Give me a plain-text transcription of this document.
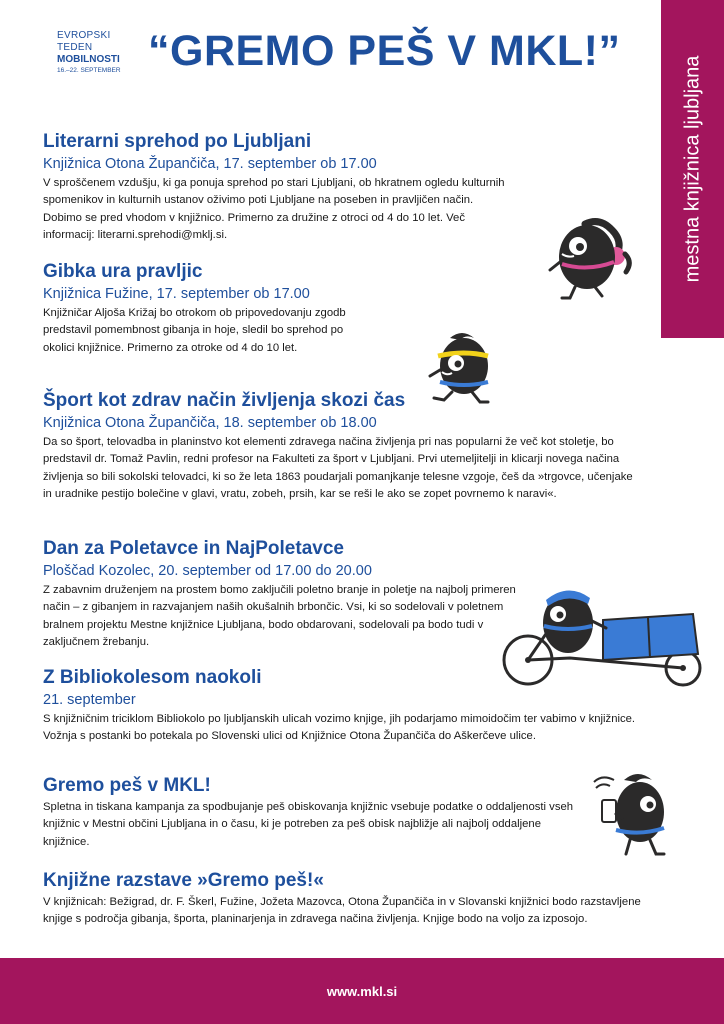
EVROPSKI
TEDEN
MOBILNOSTI
16.–22. SEPTEMBER “GREMO PEŠ V MKL!”
mestna knjižnica ljubljana
Literarni sprehod po Ljubljani
Knjižnica Otona Župančiča, 17. september ob 17.00

V sproščenem vzdušju, ki ga ponuja sprehod po stari Ljubljani, ob hkratnem ogledu kulturnih spomenikov in kulturnih ustanov oživimo poti Ljubljane na poseben in pravljičen način. Dobimo se pred vhodom v knjižnico. Primerno za družine z otroci od 4 do 10 let. Več informacij: literarni.sprehodi@mklj.si.

Gibka ura pravljic
Knjižnica Fužine, 17. september ob 17.00

Knjižničar Aljoša Križaj bo otrokom ob pripovedovanju zgodb predstavil pomembnost gibanja in hoje, sledil bo sprehod po okolici knjižnice. Primerno za otroke od 4 do 10 let.

Šport kot zdrav način življenja skozi čas
Knjižnica Otona Župančiča, 18. september ob 18.00

Da so šport, telovadba in planinstvo kot elementi zdravega načina življenja pri nas popularni že več kot stoletje, bo predstavil dr. Tomaž Pavlin, redni profesor na Fakulteti za šport v Ljubljani. Prvi utemeljitelji in klicarji novega načina življenja so bili sokolski telovadci, ki so že leta 1863 poudarjali pomanjkanje telesne vzgoje, češ da »trgovce, učenjake in uradnike pestijo bolečine v glavi, vratu, zobeh, prsih, kar se reši le ako se zopet povrnemo k naravi«.

Dan za Poletavce in NajPoletavce
Ploščad Kozolec, 20. september od 17.00 do 20.00

Z zabavnim druženjem na prostem bomo zaključili poletno branje in poletje na najbolj primeren način – z gibanjem in razvajanjem naših okušalnih brbončic. Vsi, ki so sodelovali v poletnem bralnem projektu Mestne knjižnice Ljubljana, bodo obdarovani, sodelovali pa bodo tudi v zaključnem žrebanju.

Z Bibliokolesom naokoli
21. september

S knjižničnim triciklom Bibliokolo po ljubljanskih ulicah vozimo knjige, jih podarjamo mimoidočim ter vabimo v knjižnice. Vožnja s postanki bo potekala po Slovenski ulici od Knjižnice Otona Župančiča do Aškerčeve ulice.

Gremo peš v MKL!

Spletna in tiskana kampanja za spodbujanje peš obiskovanja knjižnic vsebuje podatke o oddaljenosti vseh knjižnic v Mestni občini Ljubljana in o času, ki je potreben za peš obisk najbližje ali najbolj oddaljene knjižnice.

Knjižne razstave »Gremo peš!«

V knjižnicah: Bežigrad, dr. F. Škerl, Fužine, Jožeta Mazovca, Otona Župančiča in v Slovanski knjižnici bodo razstavljene knjige s področja gibanja, športa, planinarjenja in zdravega načina življenja. Knjige bodo na voljo za izposojo.

www.mkl.si
